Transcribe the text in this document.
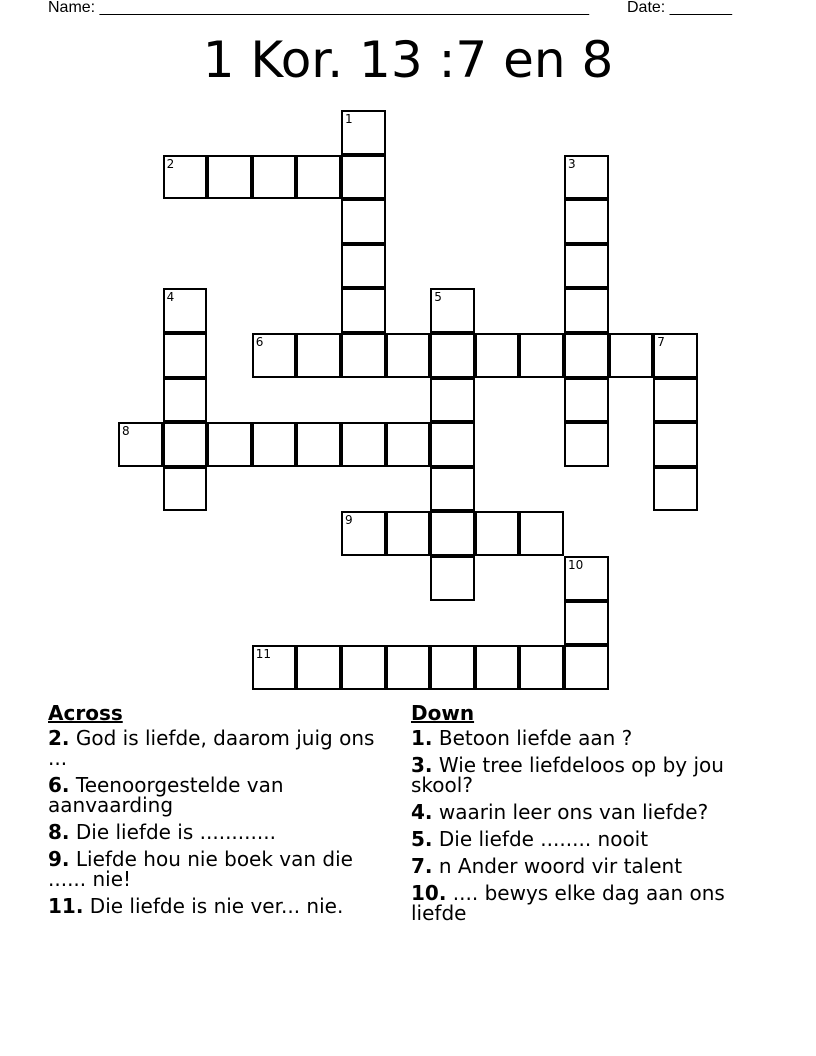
Name: _______________________________________________________ Date: _______
1 Kor. 13 :7 en 8
1
2	3
4	5
6	7
8
9
10
11
Across
2. God is liefde, daarom juig ons ...
6. Teenoorgestelde van aanvaarding
8. Die liefde is ............
9. Liefde hou nie boek van die ...... nie!
11. Die liefde is nie ver... nie.
Down
1. Betoon liefde aan ?
3. Wie tree liefdeloos op by jou skool?
4. waarin leer ons van liefde?
5. Die liefde ........ nooit
7. n Ander woord vir talent
10. .... bewys elke dag aan ons liefde
